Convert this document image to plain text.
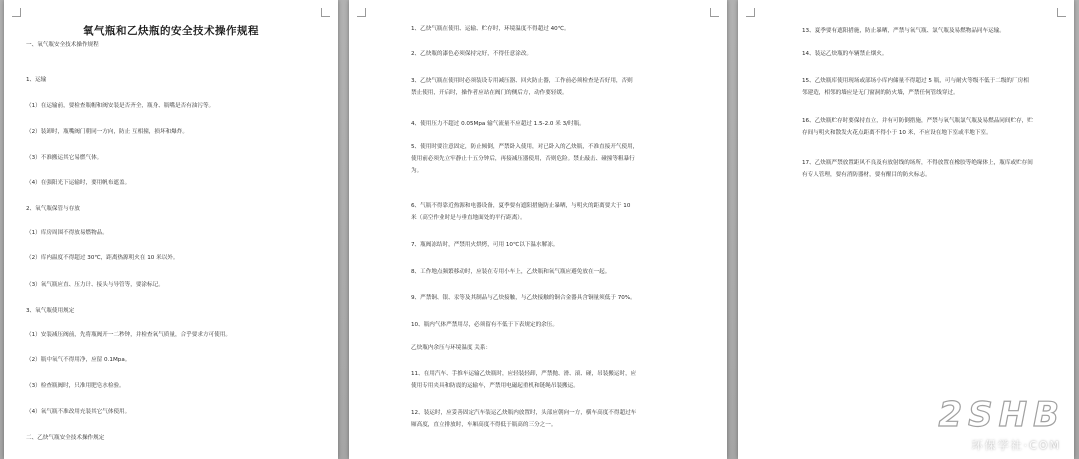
氧气瓶和乙炔瓶的安全技术操作规程
一、氧气瓶安全技术操作规程
1、运输
（1）在运输前，要检查瓶帽和阀安装是否齐全，瓶身、瓶嘴是否有油污等。
（2）装卸时，瓶嘴阀门朝同一方向，防止 互相撞，损坏和爆炸。
（3）不准搬运其它易燃气体。
（4）在强阳光下运输时，要用帆布遮盖。
2、氧气瓶保管与存放
（1）库房周围不得放易燃物品。
（2）库内温度不得超过 30℃，距离热源明火在 10 米以外。
（3）氧气瓶应直、压力计、接头与导管等，要涂标记。
3、氧气瓶使用规定
（1）安装减压阀前，先将瓶阀开一二秒钟，并检查氧气质量，合乎要求方可使用。
（2）瓶中氧气不得用净，应留 0.1Mpa。
（3）检查瓶阀时，只准用肥皂水检验。
（4）氧气瓶不准改用充装其它气体使用。
二、乙炔气瓶安全技术操作规定
1、乙炔气瓶在使用、运输、贮存时，环境温度不得超过 40℃。
2、乙炔瓶的漆色必须保持完好，不得任意涂改。
3、乙炔气瓶在使用时必须装设专用减压器、回火防止器，工作前必须检查是否好用，否则
禁止使用，开启时，操作者应站在阀门的侧后方，动作要轻缓。
4、使用压力不超过 0.05Mpa 输气流量不应超过 1.5-2.0 米 3/时瓶。
5、使用时要注意固定，防止倾倒，严禁卧入使用，对已卧入的乙炔瓶，不准直接开气使用，
使用前必须先立牢静止十五分钟后，再接减压器使用，否则危险。禁止敲击、碰撞等粗暴行
为。
6、气瓶不得靠近热源和电器设备，夏季要有遮阳措施防止暴晒，与明火的距离要大于 10
米（高空作业时是与垂直地面处的平行距离）。
7、瓶阀冻结时，严禁用火烘烤，可用 10℃以下温水解冻。
8、工作地点频繁移动时，应装在专用小车上，乙炔瓶和氧气瓶应避免放在一起。
9、严禁铜、银、汞等及其制品与乙炔接触，与乙炔接触的铜合金器具含铜量须低于 70%。
10、瓶内气体严禁用尽，必须留有不低于下表规定的余压。
乙炔瓶内余压与环境温度 关系：
11、在用汽车、手推车运输乙炔瓶时，应轻装轻卸，严禁抛、滑、滚、碰，吊装搬运时，应
使用专用夹具和防震的运输车，严禁用电磁起重机和链绳吊装搬运。
12、装运时，应妥善固定汽车装运乙炔瓶内放置时，头部应朝向一方，横车高度不得超过车
厢高度，直立排放时，车厢高度不得低于瓶高的三分之一。
13、夏季要有遮阳措施，防止暴晒，严禁与氧气瓶、氯气瓶及易燃物品同车运输。
14、装运乙炔瓶的车辆禁止烟火。
15、乙炔瓶库使用现场或部场小库内储量不得超过 5 瓶，可与耐火等级不低于二级的厂房相
邻建造，相邻的墙应是无门窗洞的防火墙，严禁任何管线穿过。
16、乙炔瓶贮存时要保持直立，并有可防倒措施，严禁与氧气瓶氯气瓶及易燃品同间贮存，贮
存间与明火和散发火花点距离不得小于 10 米，不应设在地下室或半地下室。
17、乙炔瓶严禁放置距风不良及有放射线的场所，不得放置在橡胶等绝缘体上，瓶库或贮存间
有专人管理，要有消防器材，要有醒目的防火标志。
2SHB
环保学社·COM
